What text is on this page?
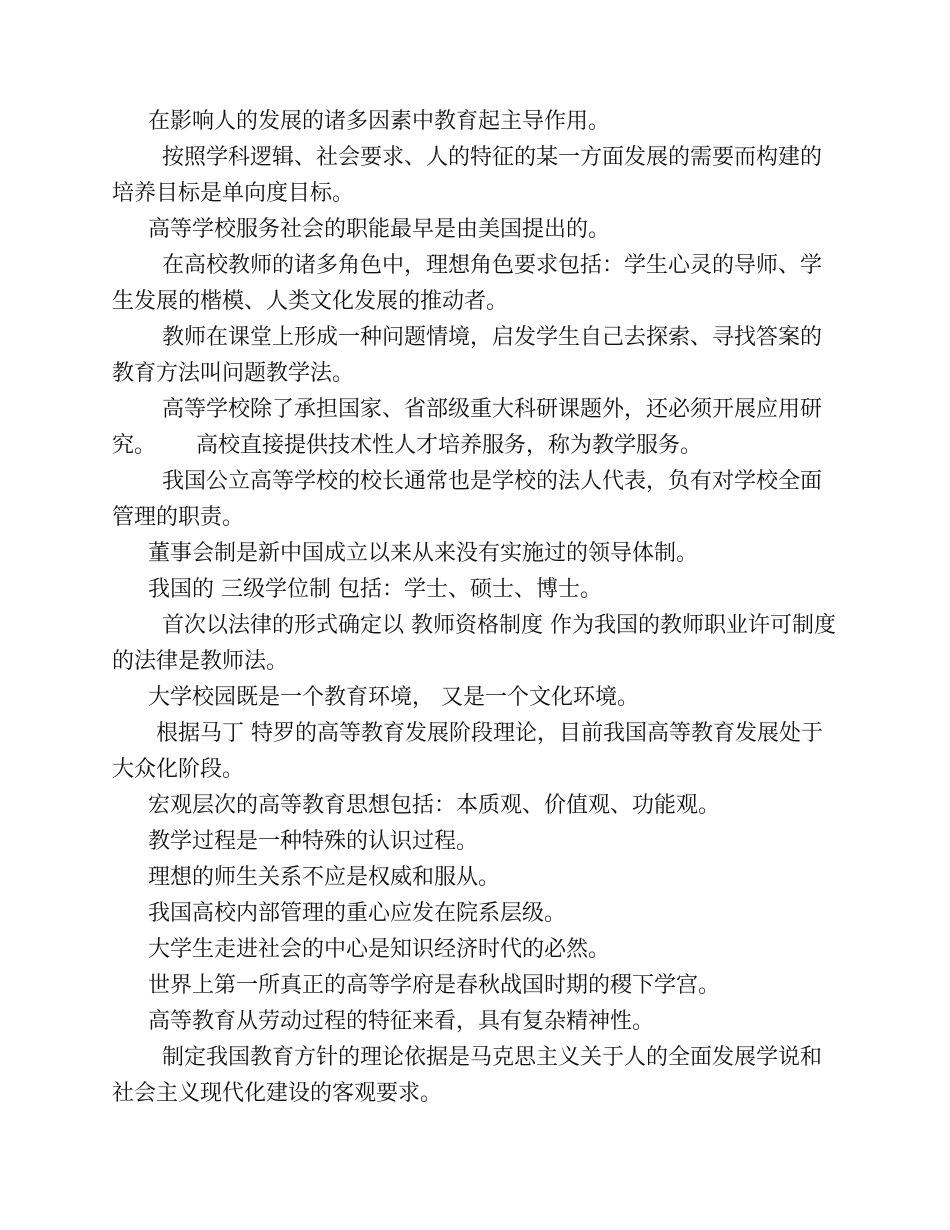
在影响人的发展的诸多因素中教育起主导作用。

按照学科逻辑、社会要求、人的特征的某一方面发展的需要而构建的培养目标是单向度目标。

高等学校服务社会的职能最早是由美国提出的。

在高校教师的诸多角色中，理想角色要求包括：学生心灵的导师、学生发展的楷模、人类文化发展的推动者。

教师在课堂上形成一种问题情境，启发学生自己去探索、寻找答案的教育方法叫问题教学法。

高等学校除了承担国家、省部级重大科研课题外，还必须开展应用研究。 高校直接提供技术性人才培养服务，称为教学服务。

我国公立高等学校的校长通常也是学校的法人代表，负有对学校全面管理的职责。

董事会制是新中国成立以来从来没有实施过的领导体制。

我国的 三级学位制 包括：学士、硕士、博士。

首次以法律的形式确定以 教师资格制度 作为我国的教师职业许可制度的法律是教师法。

大学校园既是一个教育环境， 又是一个文化环境。

根据马丁 特罗的高等教育发展阶段理论，目前我国高等教育发展处于大众化阶段。

宏观层次的高等教育思想包括：本质观、价值观、功能观。

教学过程是一种特殊的认识过程。

理想的师生关系不应是权威和服从。

我国高校内部管理的重心应发在院系层级。

大学生走进社会的中心是知识经济时代的必然。

世界上第一所真正的高等学府是春秋战国时期的稷下学宫。

高等教育从劳动过程的特征来看，具有复杂精神性。

制定我国教育方针的理论依据是马克思主义关于人的全面发展学说和社会主义现代化建设的客观要求。
